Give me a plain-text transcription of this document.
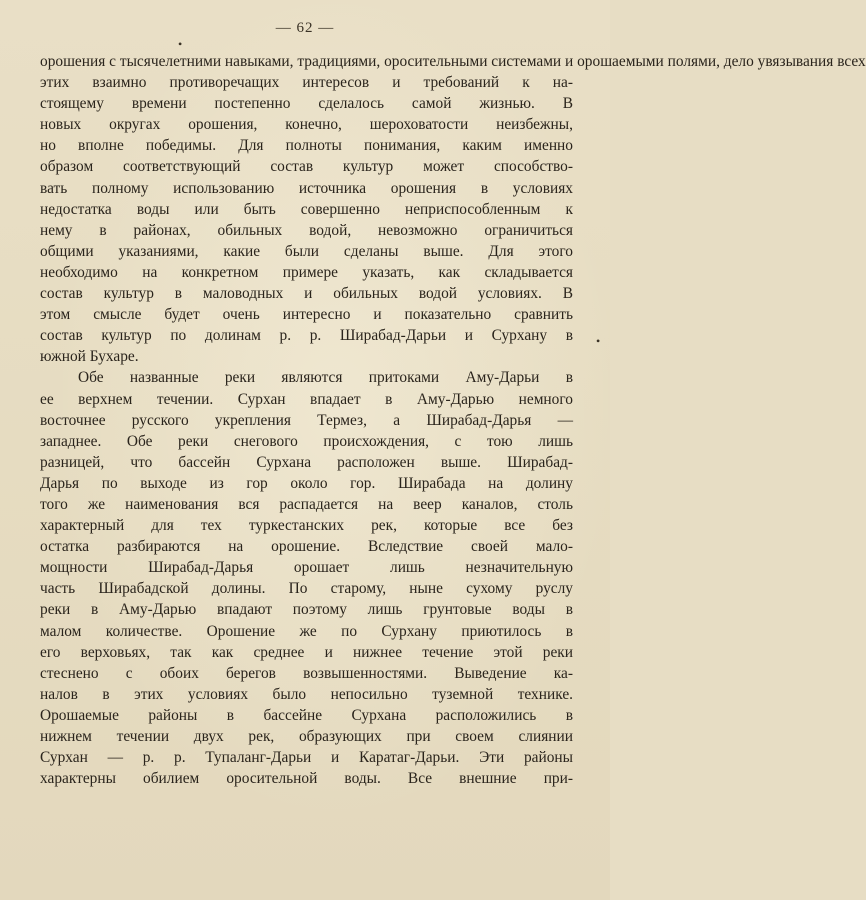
— 62 —
•
•
орошения с тысячелетними навыками, традициями, оросительными системами и орошаемыми полями, дело увязывания всех
этих взаимно противоречащих интересов и требований к на-
стоящему времени постепенно сделалось самой жизнью. В
новых округах орошения, конечно, шероховатости неизбежны,
но вполне победимы. Для полноты понимания, каким именно
образом соответствующий состав культур может способство-
вать полному использованию источника орошения в условиях
недостатка воды или быть совершенно неприспособленным к
нему в районах, обильных водой, невозможно ограничиться
общими указаниями, какие были сделаны выше. Для этого
необходимо на конкретном примере указать, как складывается
состав культур в маловодных и обильных водой условиях. В
этом смысле будет очень интересно и показательно сравнить
состав культур по долинам р. р. Ширабад-Дарьи и Сурхану в
южной Бухаре.
Обе названные реки являются притоками Аму-Дарьи в
ее верхнем течении. Сурхан впадает в Аму-Дарью немного
восточнее русского укрепления Термез, а Ширабад-Дарья —
западнее. Обе реки снегового происхождения, с тою лишь
разницей, что бассейн Сурхана расположен выше. Ширабад-
Дарья по выходе из гор около гор. Ширабада на долину
того же наименования вся распадается на веер каналов, столь
характерный для тех туркестанских рек, которые все без
остатка разбираются на орошение. Вследствие своей мало-
мощности Ширабад-Дарья орошает лишь незначительную
часть Ширабадской долины. По старому, ныне сухому руслу
реки в Аму-Дарью впадают поэтому лишь грунтовые воды в
малом количестве. Орошение же по Сурхану приютилось в
его верховьях, так как среднее и нижнее течение этой реки
стеснено с обоих берегов возвышенностями. Выведение ка-
налов в этих условиях было непосильно туземной технике.
Орошаемые районы в бассейне Сурхана расположились в
нижнем течении двух рек, образующих при своем слиянии
Сурхан — р. р. Тупаланг-Дарьи и Каратаг-Дарьи. Эти районы
характерны обилием оросительной воды. Все внешние при-
